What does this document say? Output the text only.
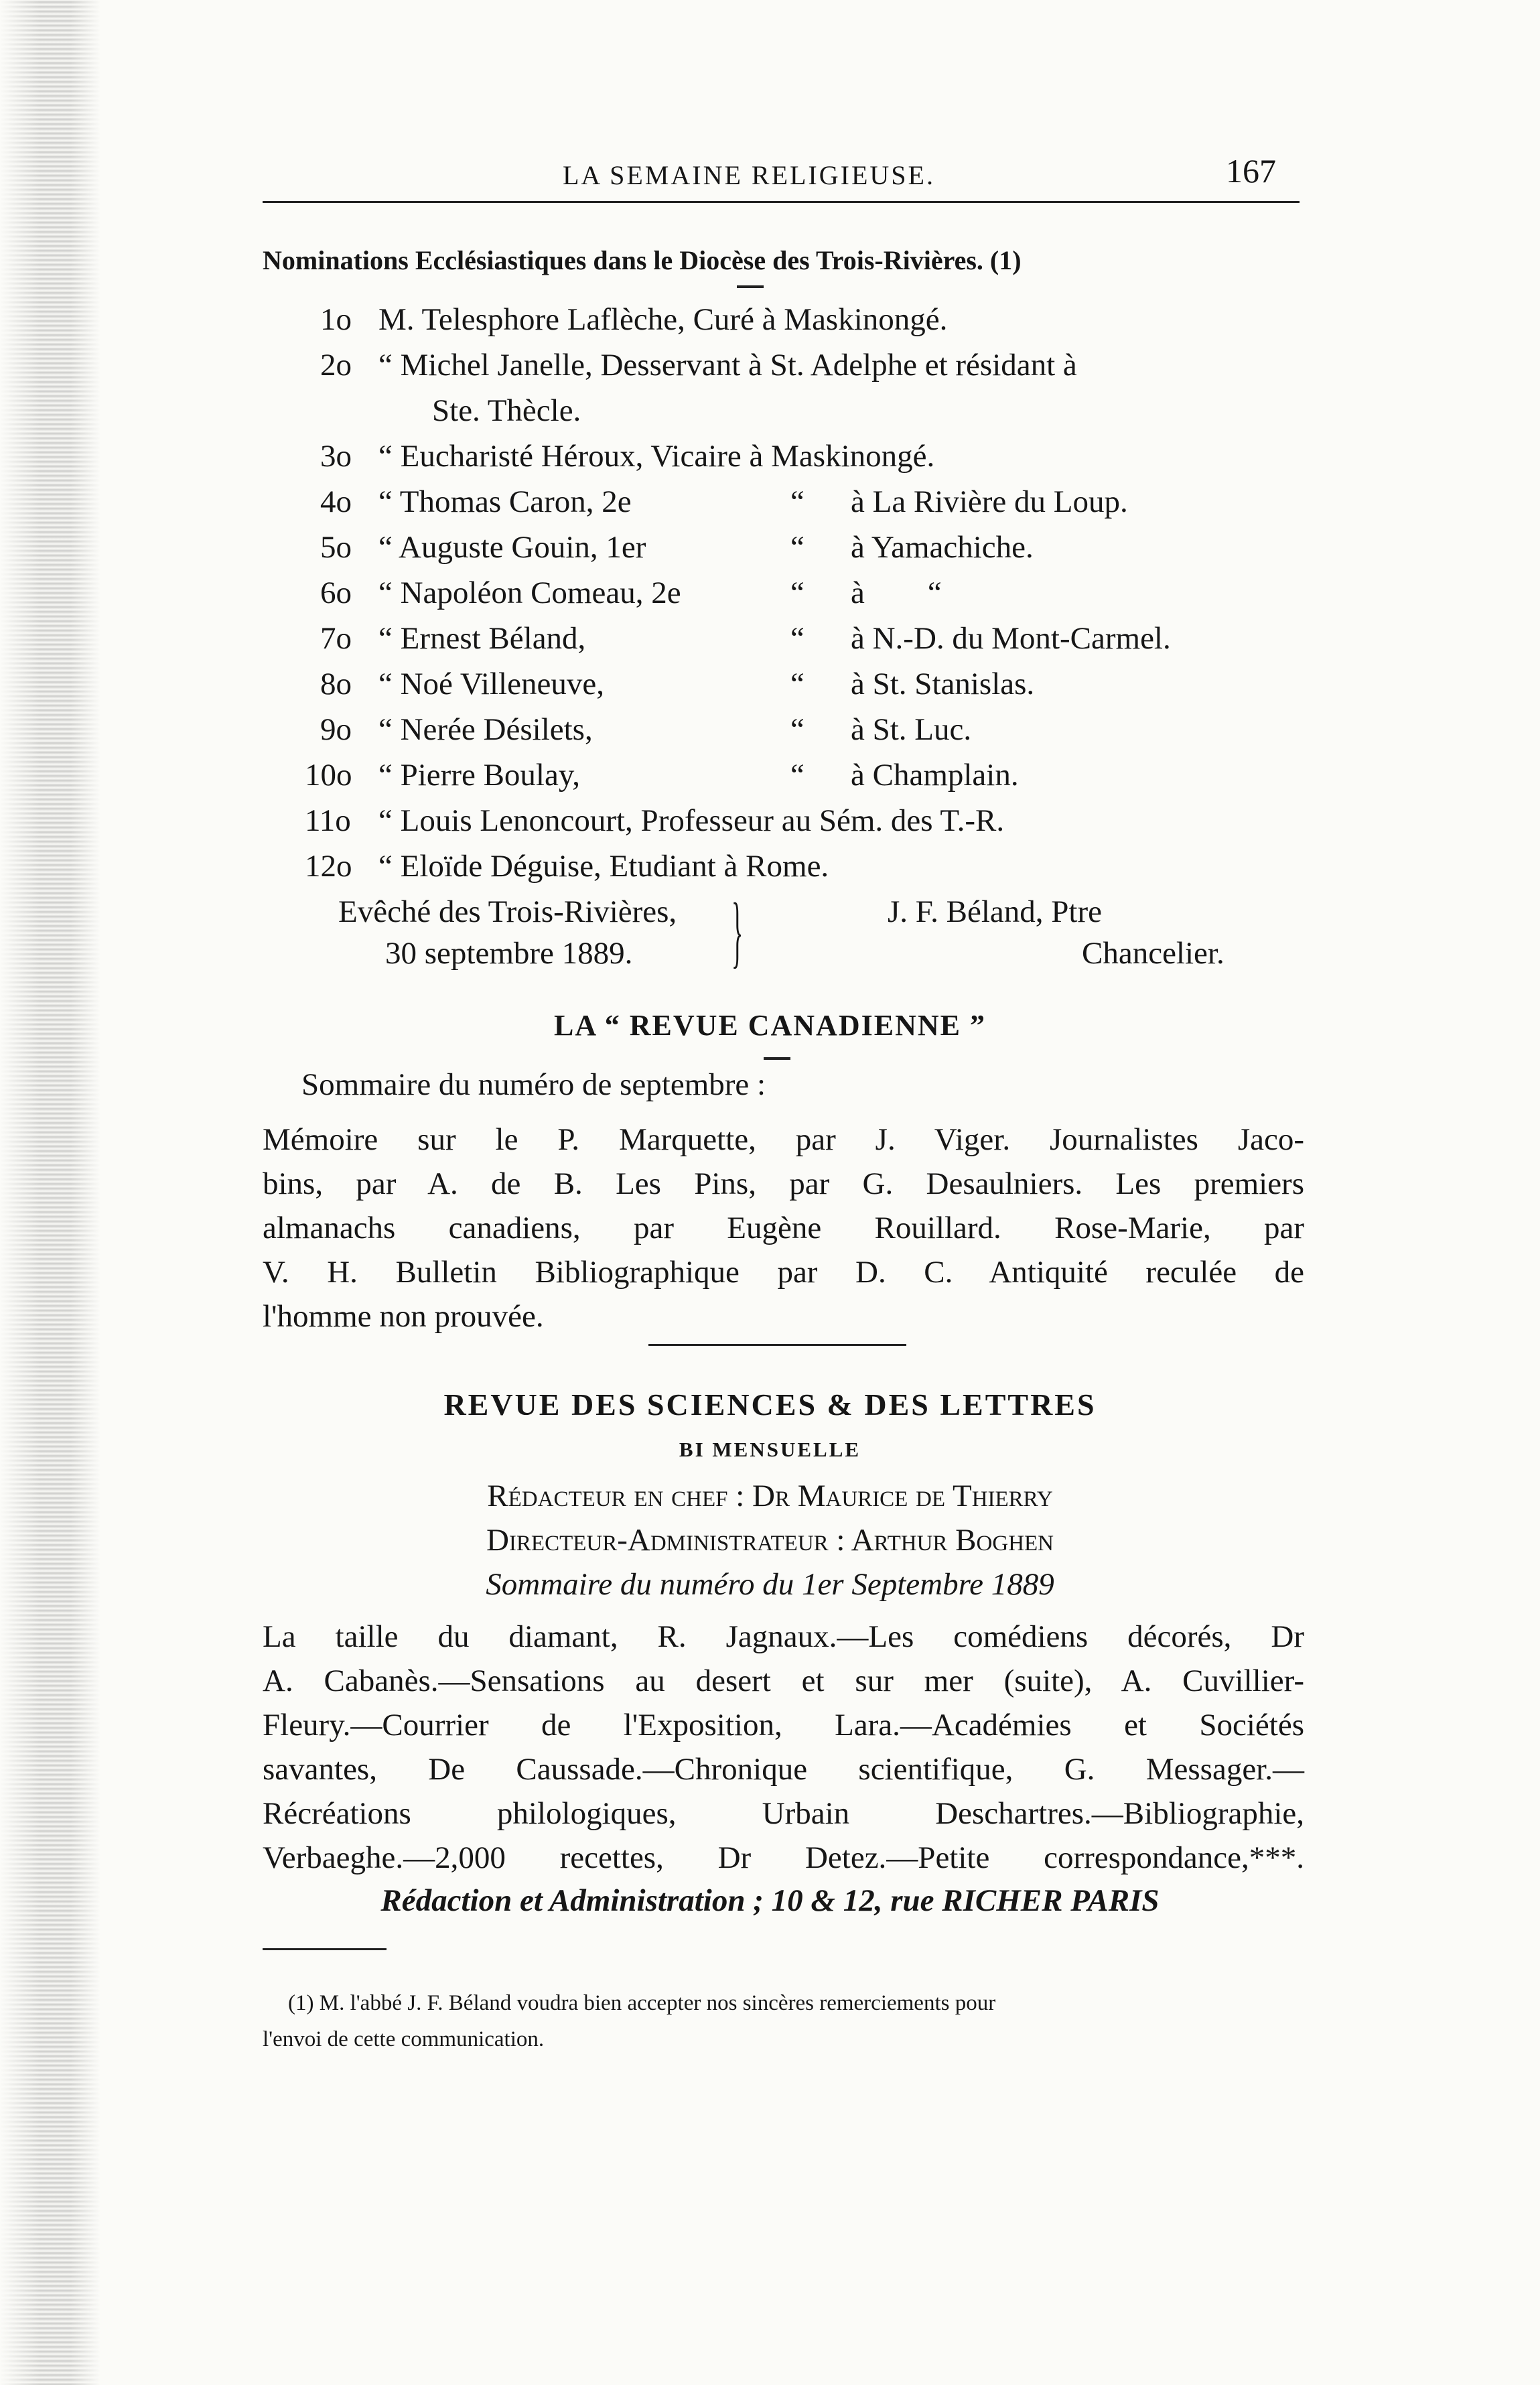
LA SEMAINE RELIGIEUSE.	167
Nominations Ecclésiastiques dans le Diocèse des Trois-Rivières. (1)
1o M. Telesphore Laflèche, Curé à Maskinongé.
2o “ Michel Janelle, Desservant à St. Adelphe et résidant à
Ste. Thècle.
3o “ Eucharisté Héroux, Vicaire à Maskinongé.
4o “ Thomas Caron, 2e	“ à La Rivière du Loup.
5o “ Auguste Gouin, 1er	“ à Yamachiche.
6o “ Napoléon Comeau, 2e	“ à        “
7o “ Ernest Béland,	“ à N.-D. du Mont-Carmel.
8o “ Noé Villeneuve,	“ à St. Stanislas.
9o “ Nerée Désilets,	“ à St. Luc.
10o “ Pierre Boulay,	“ à Champlain.
11o “ Louis Lenoncourt, Professeur au Sém. des T.-R.
12o “ Eloïde Déguise, Etudiant à Rome.
Evêché des Trois-Rivières,
30 septembre 1889. }	J. F. Béland, Ptre
Chancelier.
LA “ REVUE CANADIENNE ”
Sommaire du numéro de septembre :
Mémoire sur le P. Marquette, par J. Viger. Journalistes Jaco-
bins, par A. de B. Les Pins, par G. Desaulniers. Les premiers
almanachs canadiens, par Eugène Rouillard. Rose-Marie, par
V. H. Bulletin Bibliographique par D. C. Antiquité reculée de
l'homme non prouvée.
REVUE DES SCIENCES & DES LETTRES
BI MENSUELLE
Rédacteur en chef : Dr Maurice de Thierry
Directeur-Administrateur : Arthur Boghen
Sommaire du numéro du 1er Septembre 1889
La taille du diamant, R. Jagnaux.—Les comédiens décorés, Dr
A. Cabanès.—Sensations au desert et sur mer (suite), A. Cuvillier-
Fleury.—Courrier de l'Exposition, Lara.—Académies et Sociétés
savantes, De Caussade.—Chronique scientifique, G. Messager.—
Récréations philologiques, Urbain Deschartres.—Bibliographie,
Verbaeghe.—2,000 recettes, Dr Detez.—Petite correspondance,***.
Rédaction et Administration ; 10 & 12, rue RICHER PARIS
(1) M. l'abbé J. F. Béland voudra bien accepter nos sincères remerciements pour
l'envoi de cette communication.
